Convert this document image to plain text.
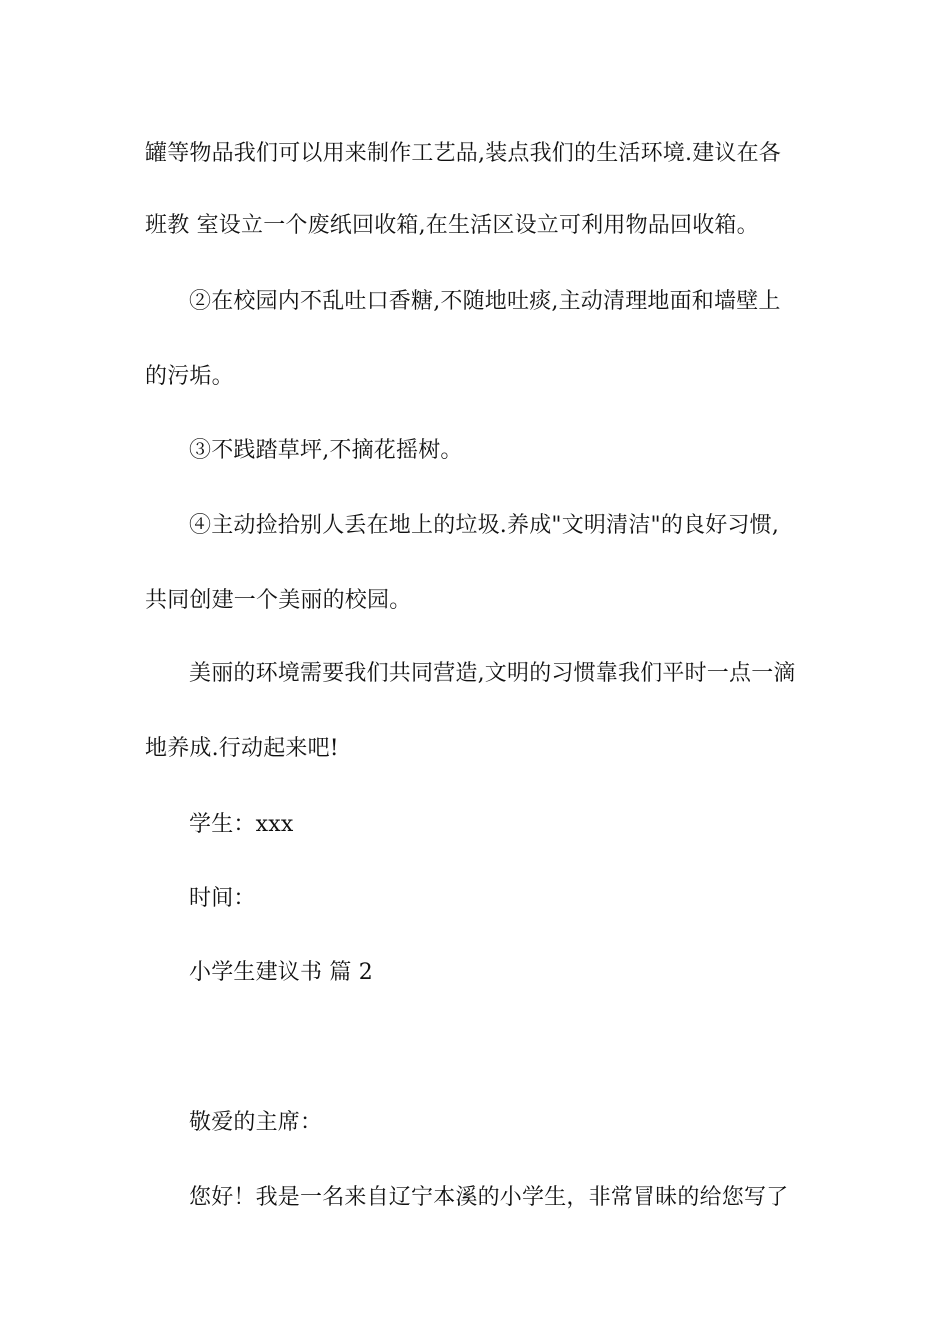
罐等物品我们可以用来制作工艺品,装点我们的生活环境.建议在各
班教 室设立一个废纸回收箱,在生活区设立可利用物品回收箱。
②在校园内不乱吐口香糖,不随地吐痰,主动清理地面和墙壁上
的污垢。
③不践踏草坪,不摘花摇树。
④主动捡拾别人丢在地上的垃圾.养成"文明清洁"的良好习惯,
共同创建一个美丽的校园。
美丽的环境需要我们共同营造,文明的习惯靠我们平时一点一滴
地养成.行动起来吧!
学生：xxx
时间：
小学生建议书 篇 2
敬爱的主席：
您好！我是一名来自辽宁本溪的小学生，非常冒昧的给您写了
